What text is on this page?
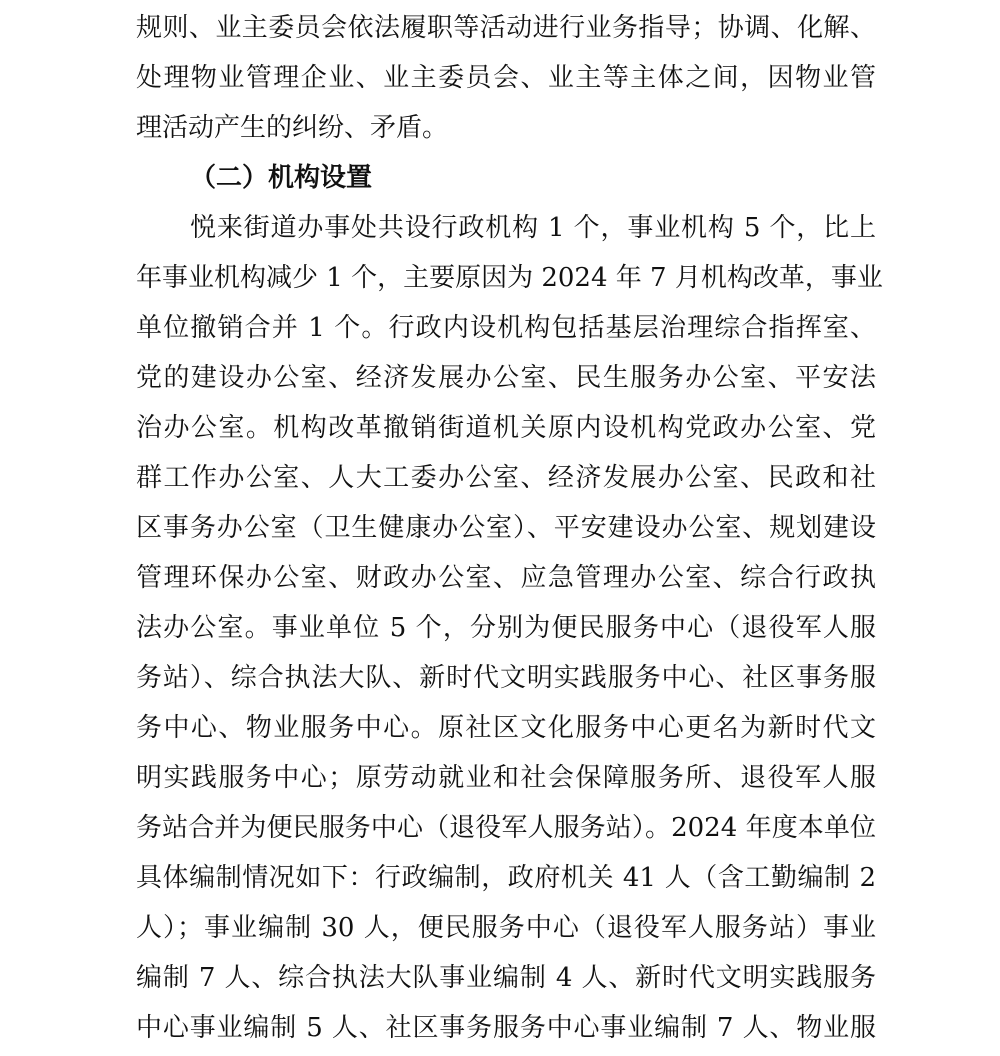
规则、业主委员会依法履职等活动进行业务指导；协调、化解、
处理物业管理企业、业主委员会、业主等主体之间，因物业管
理活动产生的纠纷、矛盾。
（二）机构设置
悦来街道办事处共设行政机构 1 个，事业机构 5 个，比上
年事业机构减少 1 个，主要原因为 2024 年 7 月机构改革，事业
单位撤销合并 1 个。行政内设机构包括基层治理综合指挥室、
党的建设办公室、经济发展办公室、民生服务办公室、平安法
治办公室。机构改革撤销街道机关原内设机构党政办公室、党
群工作办公室、人大工委办公室、经济发展办公室、民政和社
区事务办公室（卫生健康办公室）、平安建设办公室、规划建设
管理环保办公室、财政办公室、应急管理办公室、综合行政执
法办公室。事业单位 5 个，分别为便民服务中心（退役军人服
务站）、综合执法大队、新时代文明实践服务中心、社区事务服
务中心、物业服务中心。原社区文化服务中心更名为新时代文
明实践服务中心；原劳动就业和社会保障服务所、退役军人服
务站合并为便民服务中心（退役军人服务站）。2024 年度本单位
具体编制情况如下：行政编制，政府机关 41 人（含工勤编制 2
人）；事业编制 30 人，便民服务中心（退役军人服务站）事业
编制 7 人、综合执法大队事业编制 4 人、新时代文明实践服务
中心事业编制 5 人、社区事务服务中心事业编制 7 人、物业服
